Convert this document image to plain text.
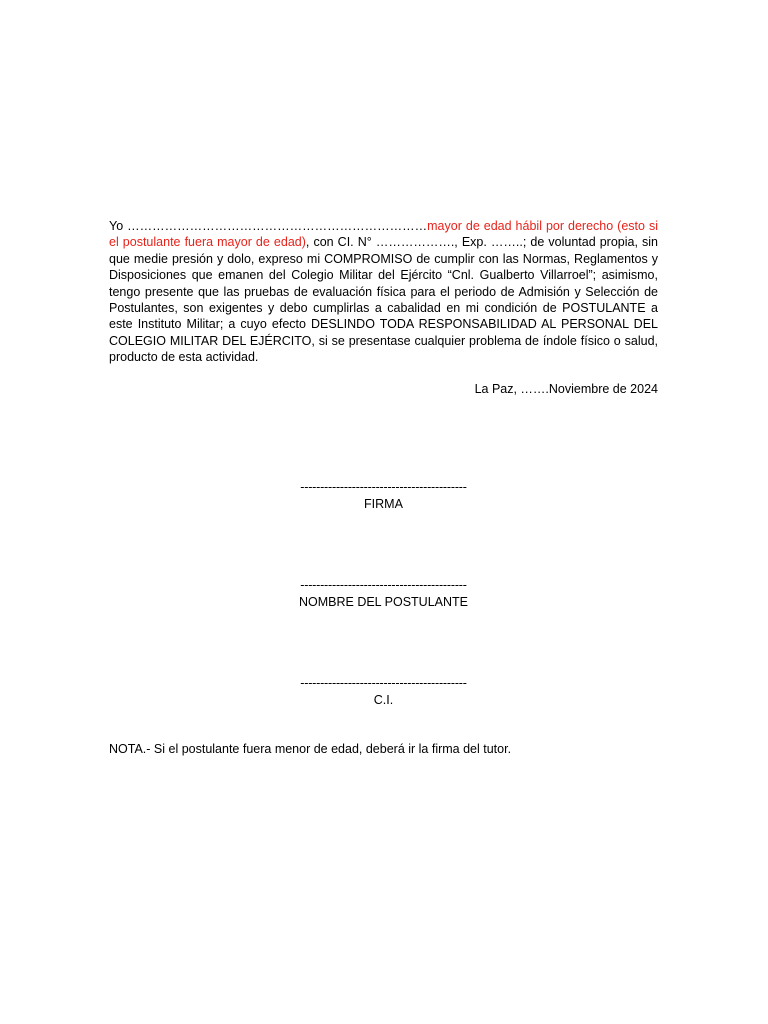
Yo ………………………………………………………………mayor de edad hábil por derecho (esto si el postulante fuera mayor de edad), con CI. N° ………………., Exp. ……..; de voluntad propia, sin que medie presión y dolo, expreso mi COMPROMISO de cumplir con las Normas, Reglamentos y Disposiciones que emanen del Colegio Militar del Ejército “Cnl. Gualberto Villarroel”; asimismo, tengo presente que las pruebas de evaluación física para el periodo de Admisión y Selección de Postulantes, son exigentes y debo cumplirlas a cabalidad en mi condición de POSTULANTE a este Instituto Militar; a cuyo efecto DESLINDO TODA RESPONSABILIDAD AL PERSONAL DEL COLEGIO MILITAR DEL EJÉRCITO, si se presentase cualquier problema de índole físico o salud, producto de esta actividad.

La Paz, …….Noviembre de 2024

------------------------------------------
FIRMA
------------------------------------------
NOMBRE DEL POSTULANTE
------------------------------------------
C.I.

NOTA.- Si el postulante fuera menor de edad, deberá ir la firma del tutor.
